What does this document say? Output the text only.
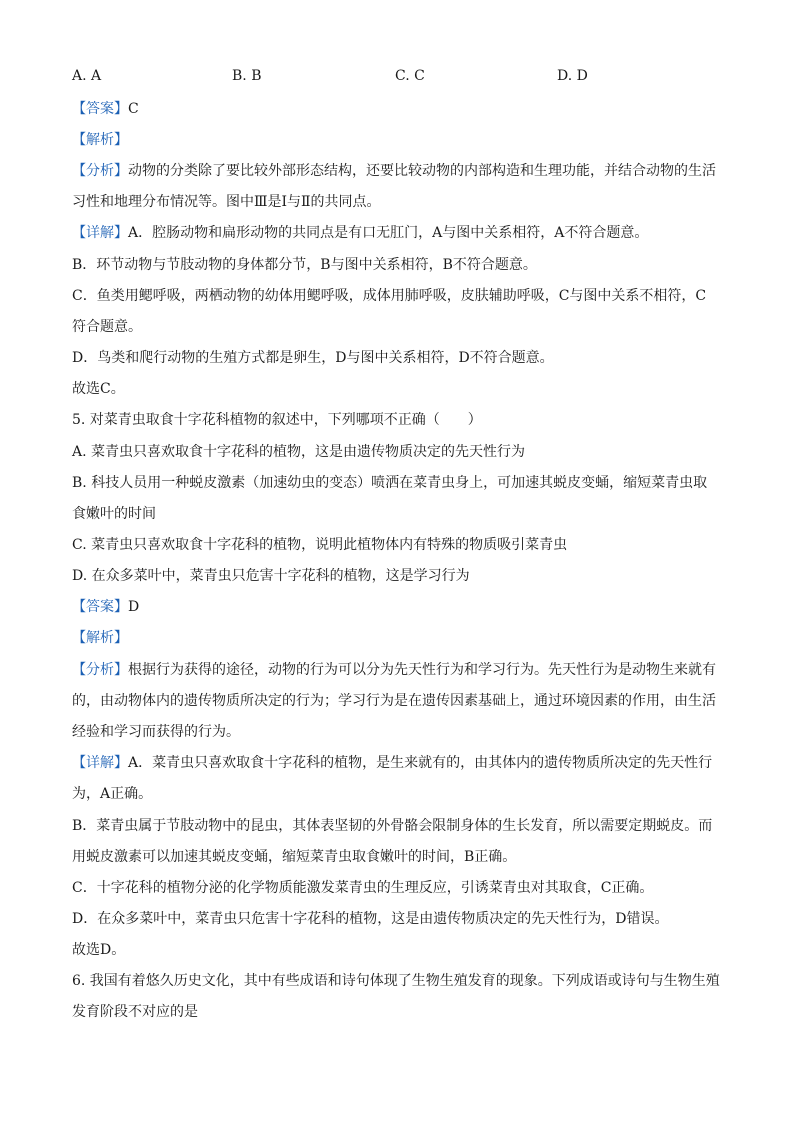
A. A	B. B	C. C	D. D
【答案】C
【解析】
【分析】动物的分类除了要比较外部形态结构，还要比较动物的内部构造和生理功能，并结合动物的生活
习性和地理分布情况等。图中Ⅲ是Ⅰ与Ⅱ的共同点。
【详解】A．腔肠动物和扁形动物的共同点是有口无肛门，A与图中关系相符，A不符合题意。
B．环节动物与节肢动物的身体都分节，B与图中关系相符，B不符合题意。
C．鱼类用鳃呼吸，两栖动物的幼体用鳃呼吸，成体用肺呼吸，皮肤辅助呼吸，C与图中关系不相符，C
符合题意。
D．鸟类和爬行动物的生殖方式都是卵生，D与图中关系相符，D不符合题意。
故选C。
5. 对菜青虫取食十字花科植物的叙述中，下列哪项不正确（　　）
A. 菜青虫只喜欢取食十字花科的植物，这是由遗传物质决定的先天性行为
B. 科技人员用一种蜕皮激素（加速幼虫的变态）喷洒在菜青虫身上，可加速其蜕皮变蛹，缩短菜青虫取
食嫩叶的时间
C. 菜青虫只喜欢取食十字花科的植物，说明此植物体内有特殊的物质吸引菜青虫
D. 在众多菜叶中，菜青虫只危害十字花科的植物，这是学习行为
【答案】D
【解析】
【分析】根据行为获得的途径，动物的行为可以分为先天性行为和学习行为。先天性行为是动物生来就有
的，由动物体内的遗传物质所决定的行为；学习行为是在遗传因素基础上，通过环境因素的作用，由生活
经验和学习而获得的行为。
【详解】A．菜青虫只喜欢取食十字花科的植物，是生来就有的，由其体内的遗传物质所决定的先天性行
为，A正确。
B．菜青虫属于节肢动物中的昆虫，其体表坚韧的外骨骼会限制身体的生长发育，所以需要定期蜕皮。而
用蜕皮激素可以加速其蜕皮变蛹，缩短菜青虫取食嫩叶的时间，B正确。
C．十字花科的植物分泌的化学物质能激发菜青虫的生理反应，引诱菜青虫对其取食，C正确。
D．在众多菜叶中，菜青虫只危害十字花科的植物，这是由遗传物质决定的先天性行为，D错误。
故选D。
6. 我国有着悠久历史文化，其中有些成语和诗句体现了生物生殖发育的现象。下列成语或诗句与生物生殖
发育阶段不对应的是
